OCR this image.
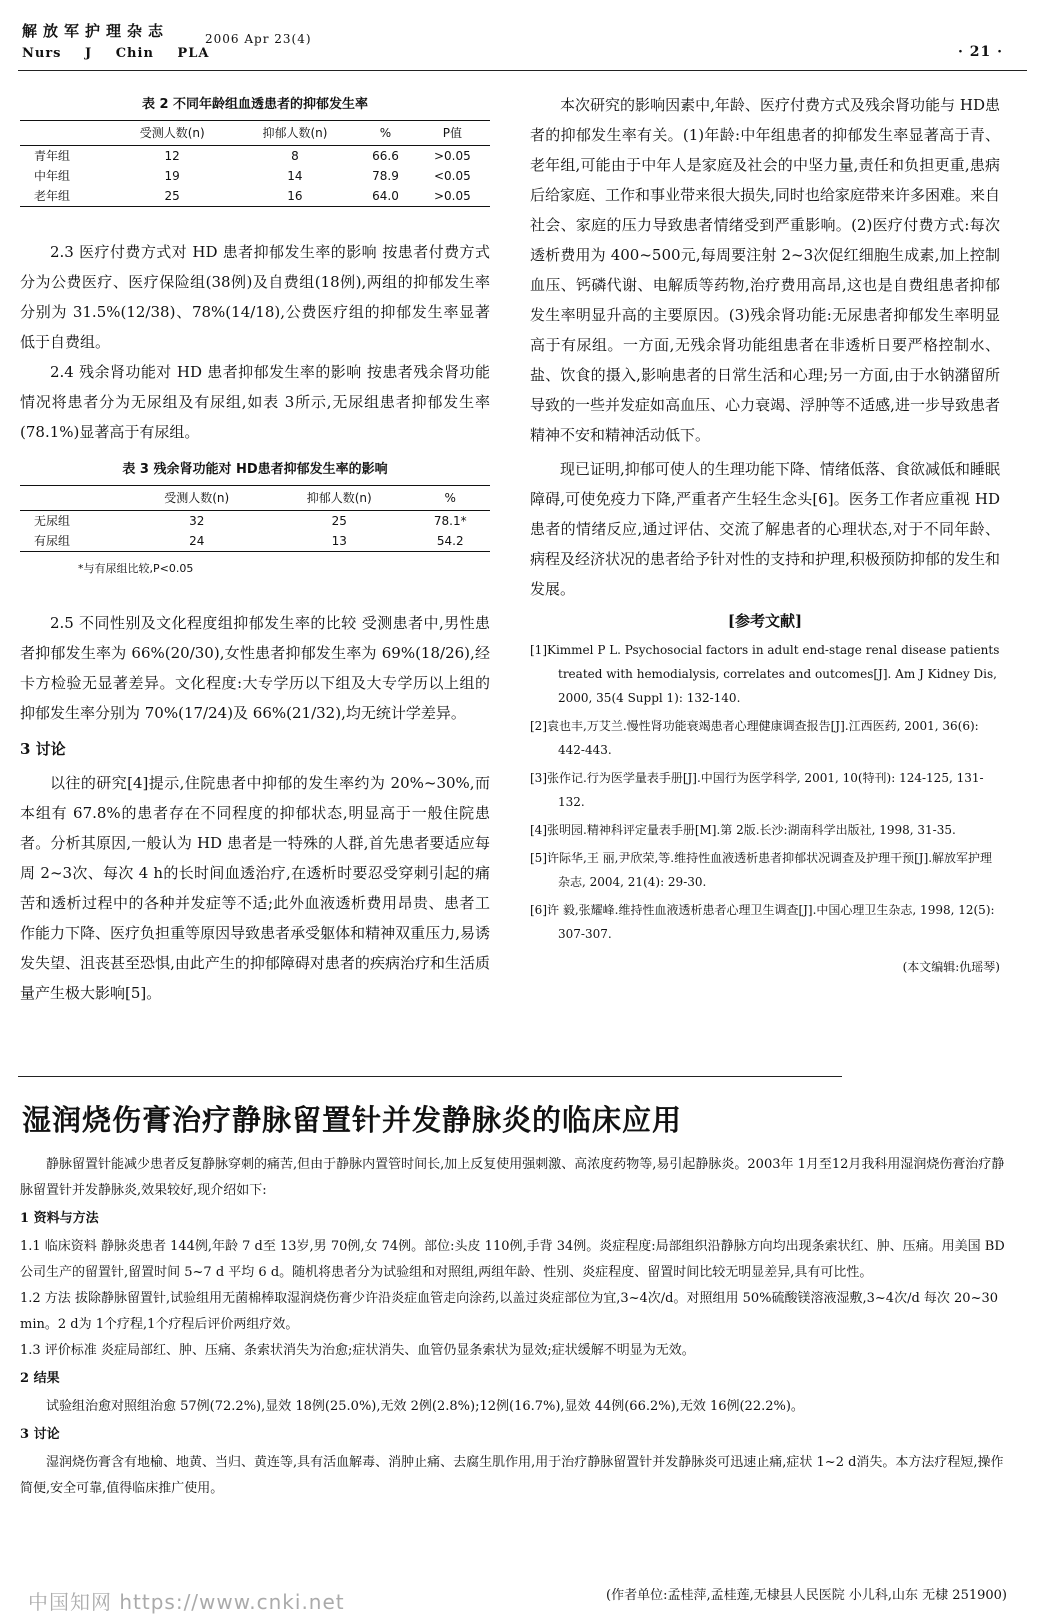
解放军护理杂志
Nurs J Chin PLA
2006 Apr 23(4)
· 21 ·
表 2 不同年龄组血透患者的抑郁发生率
	受测人数(n)	抑郁人数(n)	%	P值
青年组	12	8	66.6	>0.05
中年组	19	14	78.9	<0.05
老年组	25	16	64.0	>0.05

2.3 医疗付费方式对 HD 患者抑郁发生率的影响 按患者付费方式分为公费医疗、医疗保险组(38例)及自费组(18例),两组的抑郁发生率分别为 31.5%(12/38)、78%(14/18),公费医疗组的抑郁发生率显著低于自费组。

2.4 残余肾功能对 HD 患者抑郁发生率的影响 按患者残余肾功能情况将患者分为无尿组及有尿组,如表 3所示,无尿组患者抑郁发生率(78.1%)显著高于有尿组。

表 3 残余肾功能对 HD患者抑郁发生率的影响
	受测人数(n)	抑郁人数(n)	%
无尿组	32	25	78.1*
有尿组	24	13	54.2
*与有尿组比较,P<0.05

2.5 不同性别及文化程度组抑郁发生率的比较 受测患者中,男性患者抑郁发生率为 66%(20/30),女性患者抑郁发生率为 69%(18/26),经卡方检验无显著差异。文化程度:大专学历以下组及大专学历以上组的抑郁发生率分别为 70%(17/24)及 66%(21/32),均无统计学差异。

3 讨论

以往的研究[4]提示,住院患者中抑郁的发生率约为 20%~30%,而本组有 67.8%的患者存在不同程度的抑郁状态,明显高于一般住院患者。分析其原因,一般认为 HD 患者是一特殊的人群,首先患者要适应每周 2~3次、每次 4 h的长时间血透治疗,在透析时要忍受穿刺引起的痛苦和透析过程中的各种并发症等不适;此外血液透析费用昂贵、患者工作能力下降、医疗负担重等原因导致患者承受躯体和精神双重压力,易诱发失望、沮丧甚至恐惧,由此产生的抑郁障碍对患者的疾病治疗和生活质量产生极大影响[5]。

本次研究的影响因素中,年龄、医疗付费方式及残余肾功能与 HD患者的抑郁发生率有关。(1)年龄:中年组患者的抑郁发生率显著高于青、老年组,可能由于中年人是家庭及社会的中坚力量,责任和负担更重,患病后给家庭、工作和事业带来很大损失,同时也给家庭带来许多困难。来自社会、家庭的压力导致患者情绪受到严重影响。(2)医疗付费方式:每次透析费用为 400~500元,每周要注射 2~3次促红细胞生成素,加上控制血压、钙磷代谢、电解质等药物,治疗费用高昂,这也是自费组患者抑郁发生率明显升高的主要原因。(3)残余肾功能:无尿患者抑郁发生率明显高于有尿组。一方面,无残余肾功能组患者在非透析日要严格控制水、盐、饮食的摄入,影响患者的日常生活和心理;另一方面,由于水钠潴留所导致的一些并发症如高血压、心力衰竭、浮肿等不适感,进一步导致患者精神不安和精神活动低下。

现已证明,抑郁可使人的生理功能下降、情绪低落、食欲减低和睡眠障碍,可使免疫力下降,严重者产生轻生念头[6]。医务工作者应重视 HD患者的情绪反应,通过评估、交流了解患者的心理状态,对于不同年龄、病程及经济状况的患者给予针对性的支持和护理,积极预防抑郁的发生和发展。

[参考文献]
[1]Kimmel P L. Psychosocial factors in adult end-stage renal disease patients treated with hemodialysis, correlates and outcomes[J]. Am J Kidney Dis, 2000, 35(4 Suppl 1): 132-140.
[2]袁也丰,万艾兰.慢性肾功能衰竭患者心理健康调查报告[J].江西医药, 2001, 36(6): 442-443.
[3]张作记.行为医学量表手册[J].中国行为医学科学, 2001, 10(特刊): 124-125, 131-132.
[4]张明园.精神科评定量表手册[M].第 2版.长沙:湖南科学出版社, 1998, 31-35.
[5]许际华,王 丽,尹欣荣,等.维持性血液透析患者抑郁状况调查及护理干预[J].解放军护理杂志, 2004, 21(4): 29-30.
[6]许 毅,张耀峰.维持性血液透析患者心理卫生调查[J].中国心理卫生杂志, 1998, 12(5): 307-307.
(本文编辑:仇瑶琴)
湿润烧伤膏治疗静脉留置针并发静脉炎的临床应用

静脉留置针能减少患者反复静脉穿刺的痛苦,但由于静脉内置管时间长,加上反复使用强刺激、高浓度药物等,易引起静脉炎。2003年 1月至12月我科用湿润烧伤膏治疗静脉留置针并发静脉炎,效果较好,现介绍如下:

1 资料与方法

1.1 临床资料 静脉炎患者 144例,年龄 7 d至 13岁,男 70例,女 74例。部位:头皮 110例,手背 34例。炎症程度:局部组织沿静脉方向均出现条索状红、肿、压痛。用美国 BD公司生产的留置针,留置时间 5~7 d 平均 6 d。随机将患者分为试验组和对照组,两组年龄、性别、炎症程度、留置时间比较无明显差异,具有可比性。

1.2 方法 拔除静脉留置针,试验组用无菌棉棒取湿润烧伤膏少许沿炎症血管走向涂药,以盖过炎症部位为宜,3~4次/d。对照组用 50%硫酸镁溶液湿敷,3~4次/d 每次 20~30 min。2 d为 1个疗程,1个疗程后评价两组疗效。

1.3 评价标准 炎症局部红、肿、压痛、条索状消失为治愈;症状消失、血管仍显条索状为显效;症状缓解不明显为无效。

2 结果

试验组治愈对照组治愈 57例(72.2%),显效 18例(25.0%),无效 2例(2.8%);12例(16.7%),显效 44例(66.2%),无效 16例(22.2%)。

3 讨论

湿润烧伤膏含有地榆、地黄、当归、黄连等,具有活血解毒、消肿止痛、去腐生肌作用,用于治疗静脉留置针并发静脉炎可迅速止痛,症状 1~2 d消失。本方法疗程短,操作简便,安全可靠,值得临床推广使用。

中国知网 https://www.cnki.net	(作者单位:孟桂萍,孟桂莲,无棣县人民医院 小儿科,山东 无棣 251900)
